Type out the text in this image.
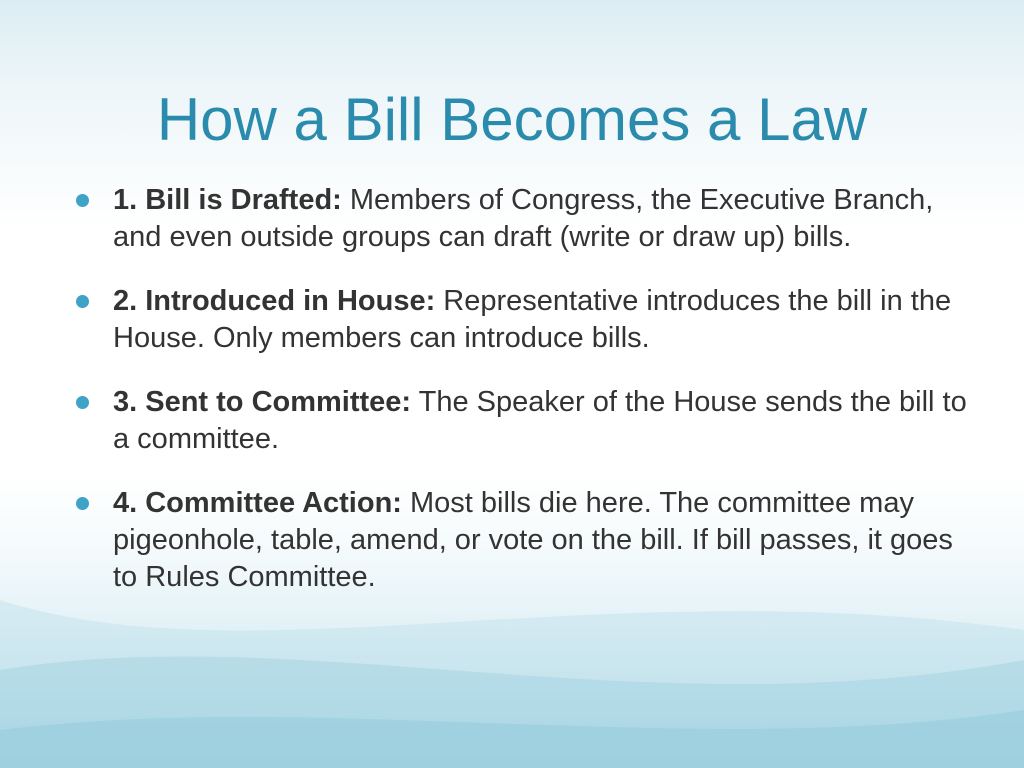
How a Bill Becomes a Law
1. Bill is Drafted: Members of Congress, the Executive Branch, and even outside groups can draft (write or draw up) bills.
2. Introduced in House: Representative introduces the bill in the House. Only members can introduce bills.
3. Sent to Committee: The Speaker of the House sends the bill to a committee.
4. Committee Action: Most bills die here. The committee may pigeonhole, table, amend, or vote on the bill. If bill passes, it goes to Rules Committee.
